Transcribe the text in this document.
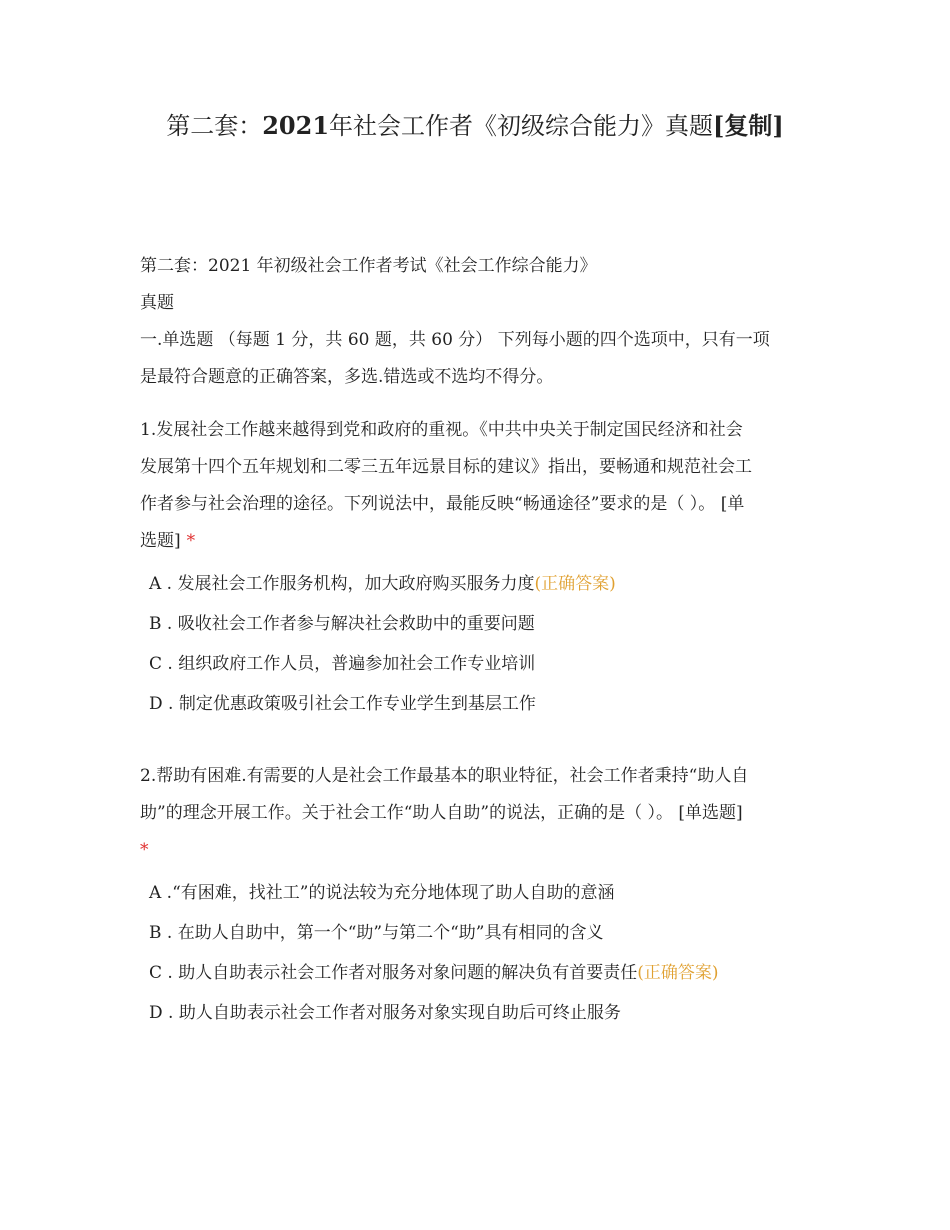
第二套：2021年社会工作者《初级综合能力》真题[复制]

第二套：2021 年初级社会工作者考试《社会工作综合能力》

真题

一.单选题 （每题 1 分，共 60 题，共 60 分） 下列每小题的四个选项中，只有一项

是最符合题意的正确答案，多选.错选或不选均不得分。

1.发展社会工作越来越得到党和政府的重视。《中共中央关于制定国民经济和社会

发展第十四个五年规划和二零三五年远景目标的建议》指出，要畅通和规范社会工

作者参与社会治理的途径。下列说法中，最能反映“畅通途径”要求的是（ ）。 [单

选题] *

A . 发展社会工作服务机构，加大政府购买服务力度(正确答案)
B . 吸收社会工作者参与解决社会救助中的重要问题
C . 组织政府工作人员，普遍参加社会工作专业培训
D . 制定优惠政策吸引社会工作专业学生到基层工作

2.帮助有困难.有需要的人是社会工作最基本的职业特征，社会工作者秉持“助人自

助”的理念开展工作。关于社会工作“助人自助”的说法，正确的是（ ）。 [单选题]

*

A .“有困难，找社工”的说法较为充分地体现了助人自助的意涵
B . 在助人自助中，第一个“助”与第二个“助”具有相同的含义
C . 助人自助表示社会工作者对服务对象问题的解决负有首要责任(正确答案)
D . 助人自助表示社会工作者对服务对象实现自助后可终止服务
